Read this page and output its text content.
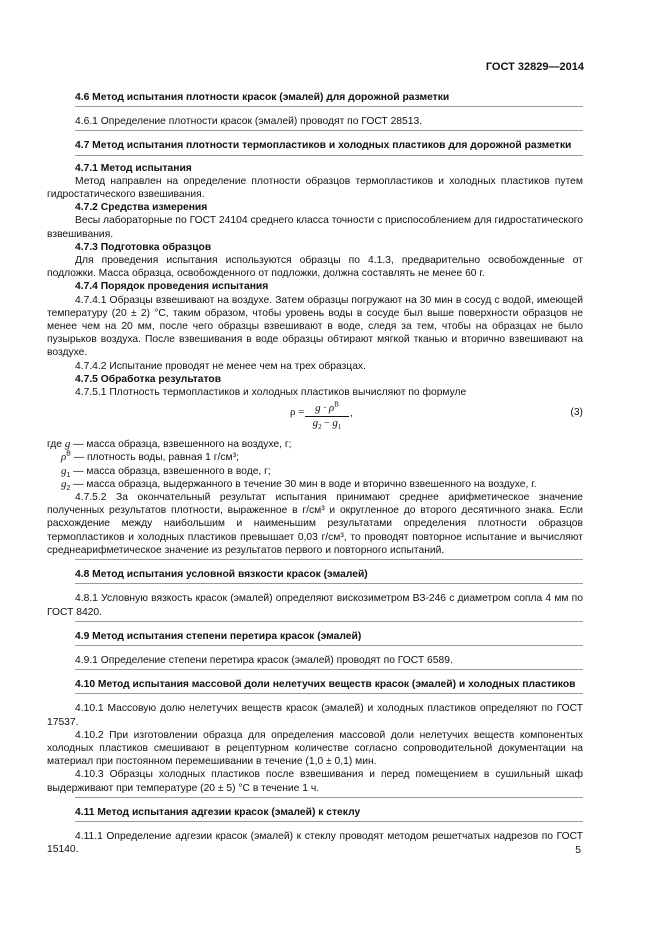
ГОСТ 32829—2014

4.6 Метод испытания плотности красок (эмалей) для дорожной разметки

4.6.1 Определение плотности красок (эмалей) проводят по ГОСТ 28513.

4.7 Метод испытания плотности термопластиков и холодных пластиков для дорожной разметки

4.7.1 Метод испытания

Метод направлен на определение плотности образцов термопластиков и холодных пластиков путем гидростатического взвешивания.

4.7.2 Средства измерения

Весы лабораторные по ГОСТ 24104 среднего класса точности с приспособлением для гидростатического взвешивания.

4.7.3 Подготовка образцов

Для проведения испытания используются образцы по 4.1.3, предварительно освобожденные от подложки. Масса образца, освобожденного от подложки, должна составлять не менее 60 г.

4.7.4 Порядок проведения испытания

4.7.4.1 Образцы взвешивают на воздухе. Затем образцы погружают на 30 мин в сосуд с водой, имеющей температуру (20 ± 2) °С, таким образом, чтобы уровень воды в сосуде был выше поверхности образцов не менее чем на 20 мм, после чего образцы взвешивают в воде, следя за тем, чтобы на образцах не было пузырьков воздуха. После взвешивания в воде образцы обтирают мягкой тканью и вторично взвешивают на воздухе.

4.7.4.2 Испытание проводят не менее чем на трех образцах.

4.7.5 Обработка результатов

4.7.5.1 Плотность термопластиков и холодных пластиков вычисляют по формуле

$\rho = \frac{g \cdot \rho^B}{g_2 - g_1}$ ,	(3)

где g — масса образца, взвешенного на воздухе, г;

$\rho^B$ — плотность воды, равная 1 г/см³;

$g_1$ — масса образца, взвешенного в воде, г;

$g_2$ — масса образца, выдержанного в течение 30 мин в воде и вторично взвешенного на воздухе, г.

4.7.5.2 За окончательный результат испытания принимают среднее арифметическое значение полученных результатов плотности, выраженное в г/см³ и округленное до второго десятичного знака. Если расхождение между наибольшим и наименьшим результатами определения плотности образцов термопластиков и холодных пластиков превышает 0,03 г/см³, то проводят повторное испытание и вычисляют среднеарифметическое значение из результатов первого и повторного испытаний.

4.8 Метод испытания условной вязкости красок (эмалей)

4.8.1 Условную вязкость красок (эмалей) определяют вискозиметром ВЗ-246 с диаметром сопла 4 мм по ГОСТ 8420.

4.9 Метод испытания степени перетира красок (эмалей)

4.9.1 Определение степени перетира красок (эмалей) проводят по ГОСТ 6589.

4.10 Метод испытания массовой доли нелетучих веществ красок (эмалей) и холодных пластиков

4.10.1 Массовую долю нелетучих веществ красок (эмалей) и холодных пластиков определяют по ГОСТ 17537.

4.10.2 При изготовлении образца для определения массовой доли нелетучих веществ компонентых холодных пластиков смешивают в рецептурном количестве согласно сопроводительной документации на материал при постоянном перемешивании в течение (1,0 ± 0,1) мин.

4.10.3 Образцы холодных пластиков после взвешивания и перед помещением в сушильный шкаф выдерживают при температуре (20 ± 5) °С в течение 1 ч.

4.11 Метод испытания адгезии красок (эмалей) к стеклу

4.11.1 Определение адгезии красок (эмалей) к стеклу проводят методом решетчатых надрезов по ГОСТ 15140.	5
